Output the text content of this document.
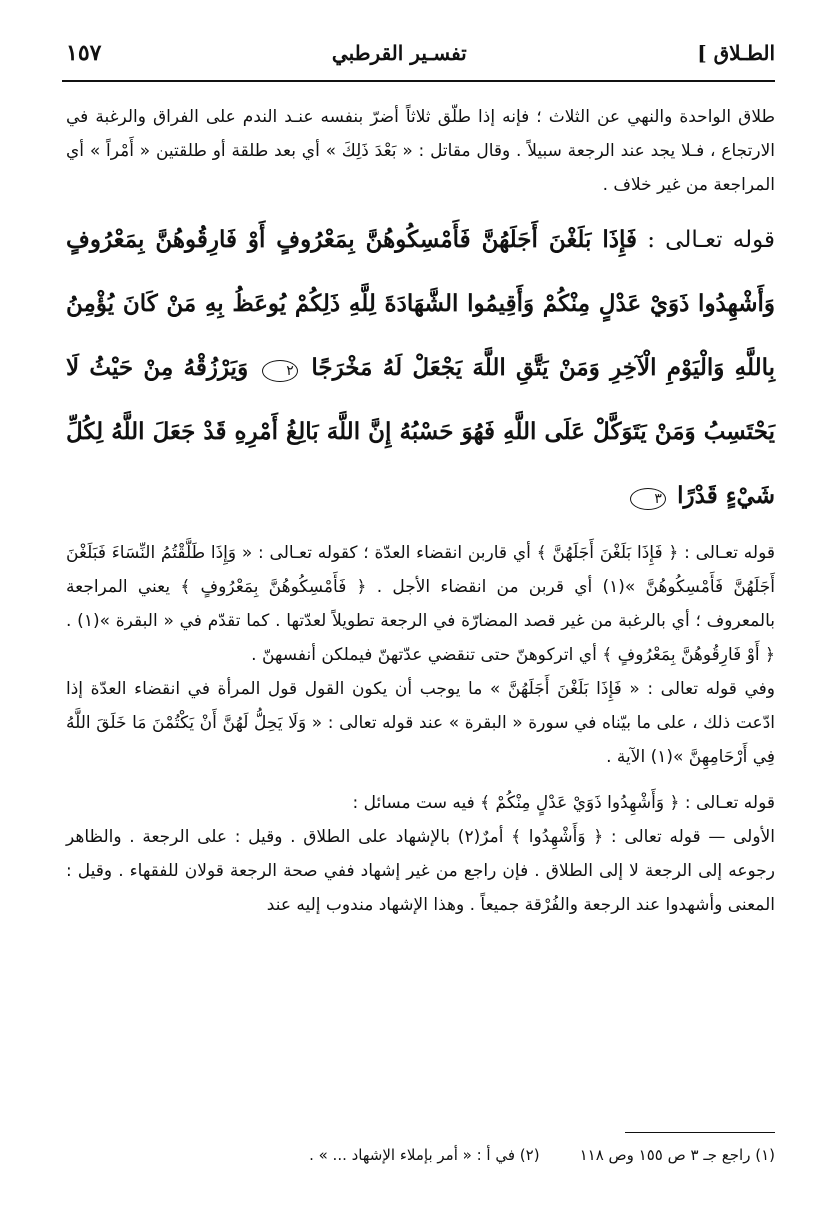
الطـلاق ]
تفسـير القرطبي
١٥٧

طلاق الواحدة والنهي عن الثلاث ؛ فإنه إذا طلّق ثلاثاً أضرّ بنفسه عنـد الندم على الفراق والرغبة في الارتجاع ، فـلا يجد عند الرجعة سبيلاً . وقال مقاتل : « بَعْدَ ذَلِكَ » أي بعد طلقة أو طلقتين « أَمْراً » أي المراجعة من غير خلاف .

قوله تعـالى : فَإِذَا بَلَغْنَ أَجَلَهُنَّ فَأَمْسِكُوهُنَّ بِمَعْرُوفٍ أَوْ فَارِقُوهُنَّ بِمَعْرُوفٍ وَأَشْهِدُوا ذَوَيْ عَدْلٍ مِنْكُمْ وَأَقِيمُوا الشَّهَادَةَ لِلَّهِ ذَلِكُمْ يُوعَظُ بِهِ مَنْ كَانَ يُؤْمِنُ بِاللَّهِ وَالْيَوْمِ الْآخِرِ وَمَنْ يَتَّقِ اللَّهَ يَجْعَلْ لَهُ مَخْرَجًا ٢ وَيَرْزُقْهُ مِنْ حَيْثُ لَا يَحْتَسِبُ وَمَنْ يَتَوَكَّلْ عَلَى اللَّهِ فَهُوَ حَسْبُهُ إِنَّ اللَّهَ بَالِغُ أَمْرِهِ قَدْ جَعَلَ اللَّهُ لِكُلِّ شَيْءٍ قَدْرًا ٣

قوله تعـالى : ﴿ فَإِذَا بَلَغْنَ أَجَلَهُنَّ ﴾ أي قاربن انقضاء العدّة ؛ كقوله تعـالى : « وَإِذَا طَلَّقْتُمُ النِّسَاءَ فَبَلَغْنَ أَجَلَهُنَّ فَأَمْسِكُوهُنَّ »(١) أي قربن من انقضاء الأجل . ﴿ فَأَمْسِكُوهُنَّ بِمَعْرُوفٍ ﴾ يعني المراجعة بالمعروف ؛ أي بالرغبة من غير قصد المضارّة في الرجعة تطويلاً لعدّتها . كما تقدّم في « البقرة »(١) . ﴿ أَوْ فَارِقُوهُنَّ بِمَعْرُوفٍ ﴾ أي اتركوهنّ حتى تنقضي عدّتهنّ فيملكن أنفسهنّ .

وفي قوله تعالى : « فَإِذَا بَلَغْنَ أَجَلَهُنَّ » ما يوجب أن يكون القول قول المرأة في انقضاء العدّة إذا ادّعت ذلك ، على ما بيّناه في سورة « البقرة » عند قوله تعالى : « وَلَا يَحِلُّ لَهُنَّ أَنْ يَكْتُمْنَ مَا خَلَقَ اللَّهُ فِي أَرْحَامِهِنَّ »(١) الآية .

قوله تعـالى : ﴿ وَأَشْهِدُوا ذَوَيْ عَدْلٍ مِنْكُمْ ﴾ فيه ست مسائل :

الأولى — قوله تعالى : ﴿ وَأَشْهِدُوا ﴾ أمرٌ(٢) بالإشهاد على الطلاق . وقيل : على الرجعة . والظاهر رجوعه إلى الرجعة لا إلى الطلاق . فإن راجع من غير إشهاد ففي صحة الرجعة قولان للفقهاء . وقيل : المعنى وأشهدوا عند الرجعة والفُرْقة جميعاً . وهذا الإشهاد مندوب إليه عند

(١) راجع جـ ٣ ص ١٥٥ وص ١١٨
(٢) في أ : « أمر بإملاء الإشهاد ... » .
